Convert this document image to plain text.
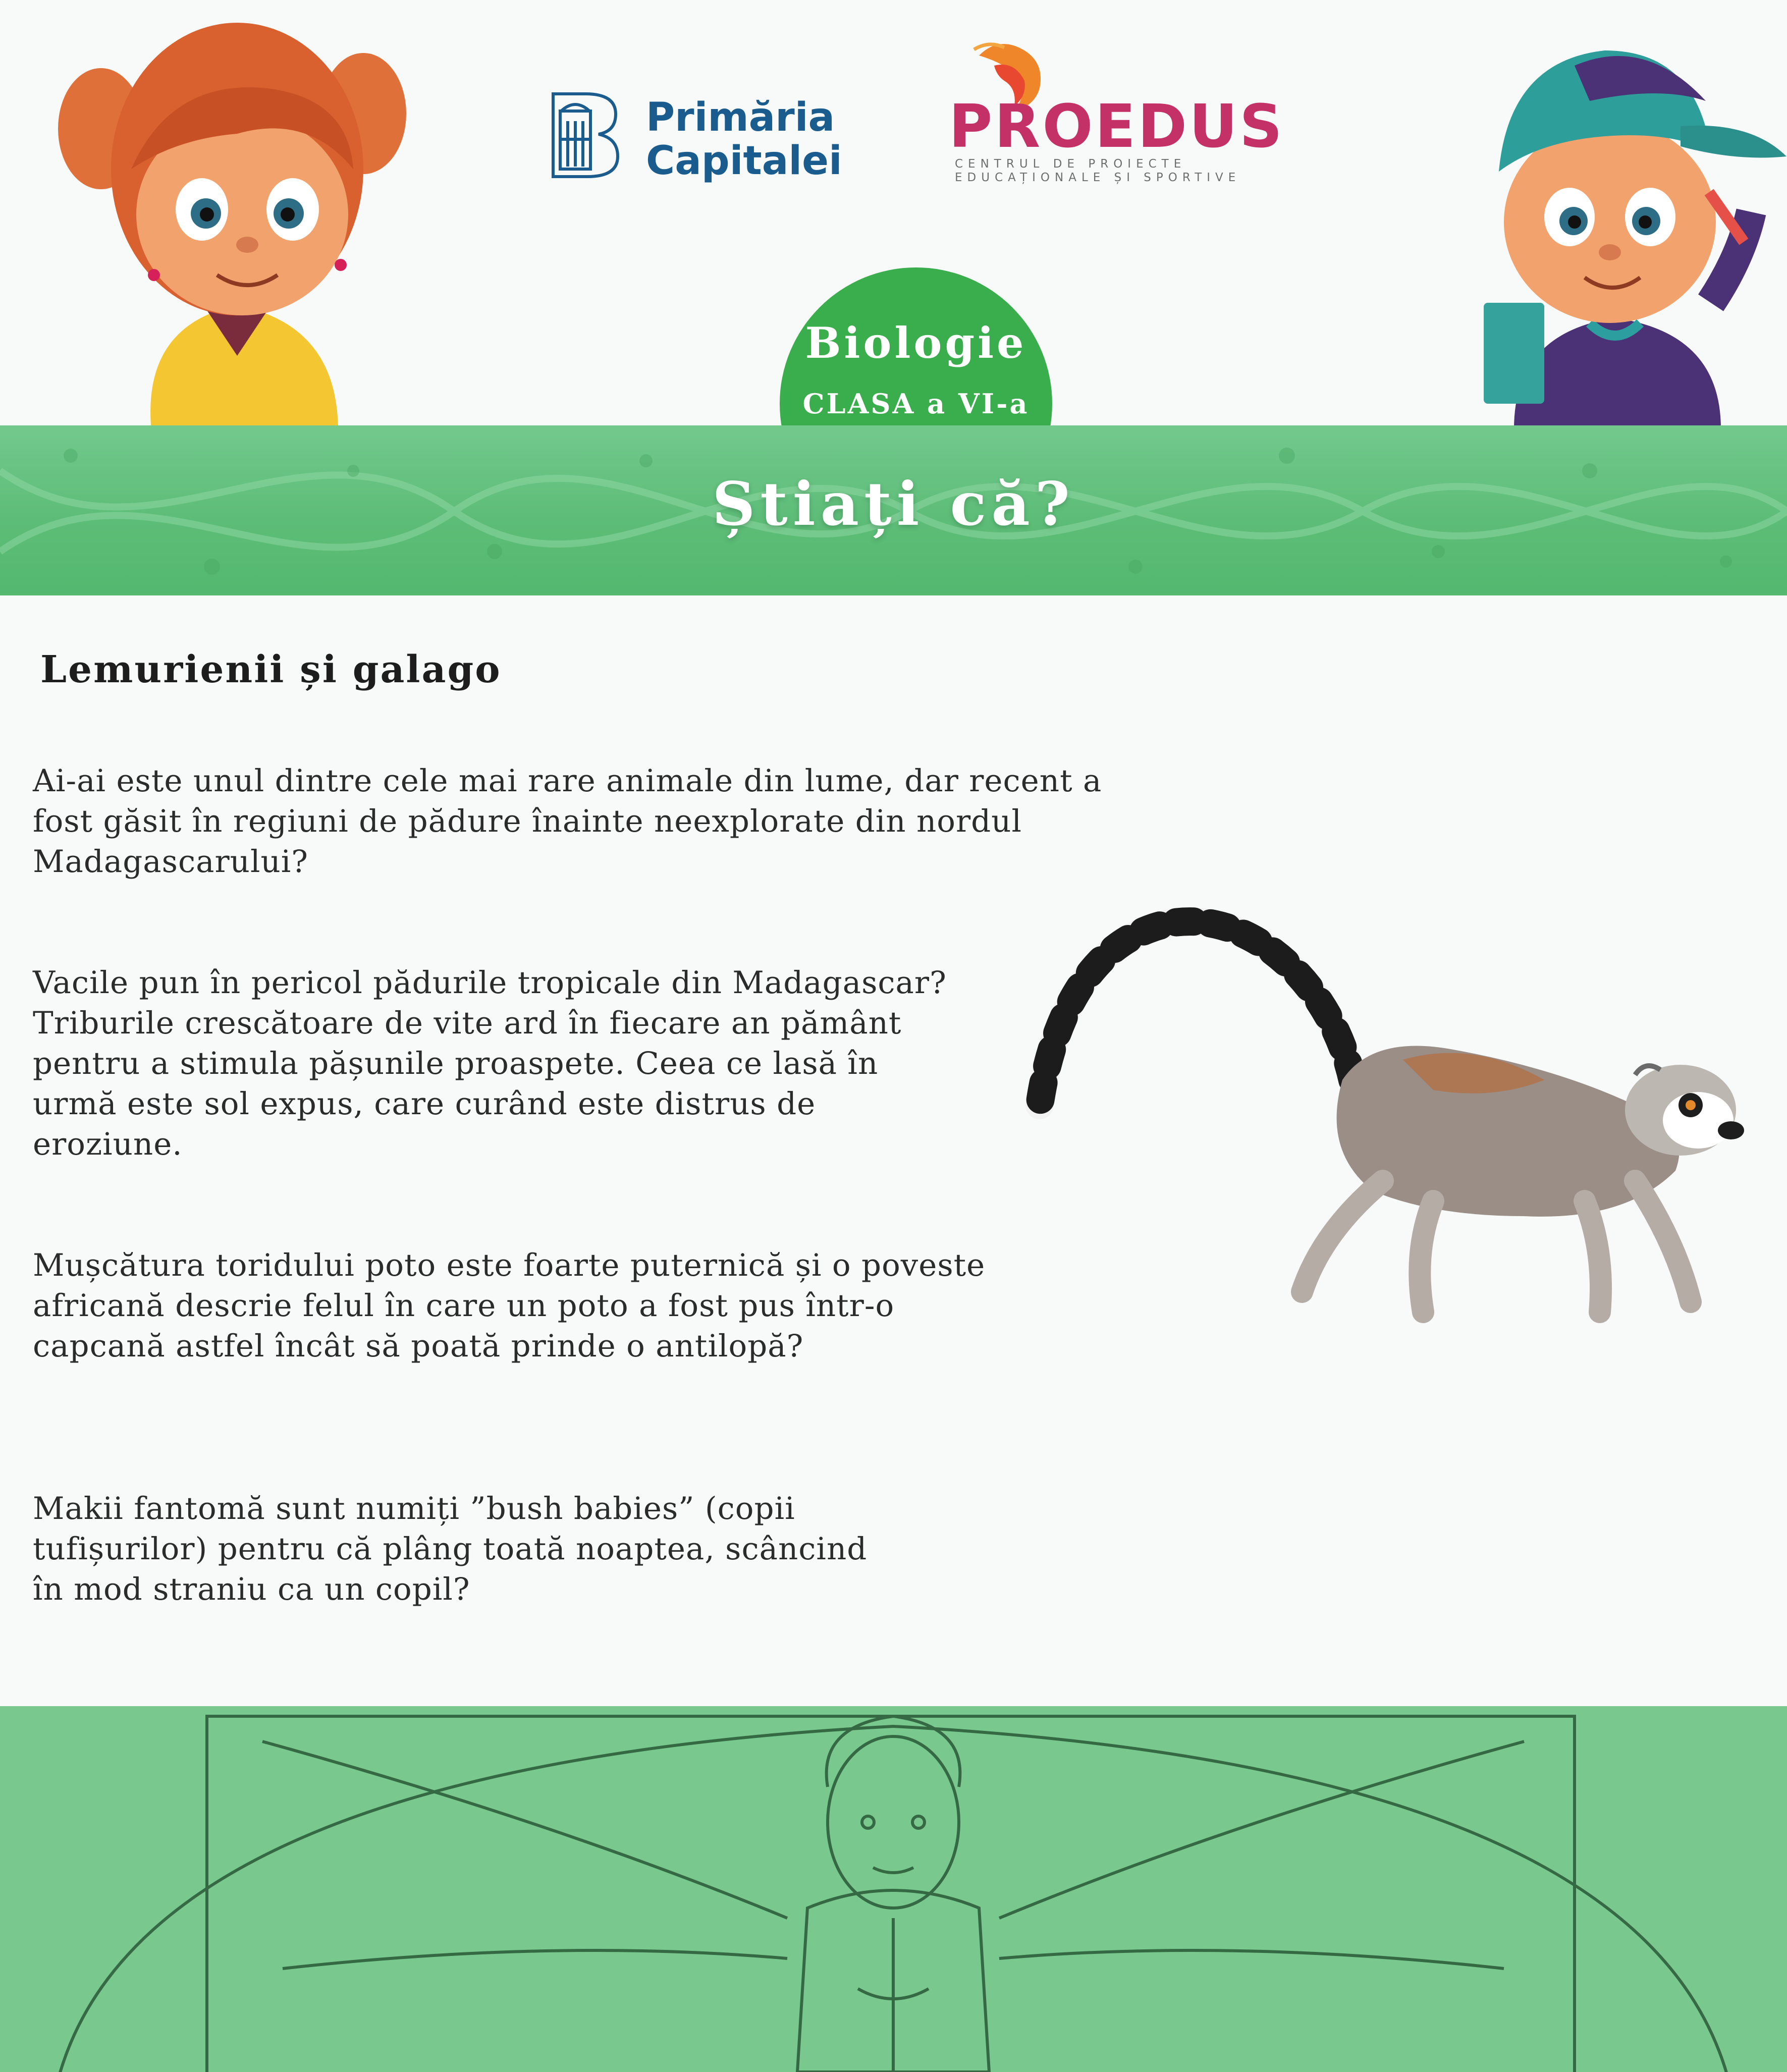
Primăria
Capitalei PROEDUS
CENTRUL DE PROIECTE
EDUCAȚIONALE ȘI SPORTIVE
Biologie
CLASA a VI-a
Știați că?
Lemurienii și galago

Ai-ai este unul dintre cele mai rare animale din lume, dar recent a
fost găsit în regiuni de pădure înainte neexplorate din nordul
Madagascarului?

Vacile pun în pericol pădurile tropicale din Madagascar?
Triburile crescătoare de vite ard în fiecare an pământ
pentru a stimula pășunile proaspete. Ceea ce lasă în
urmă este sol expus, care curând este distrus de
eroziune.

Mușcătura toridului poto este foarte puternică și o poveste
africană descrie felul în care un poto a fost pus într-o
capcană astfel încât să poată prinde o antilopă?

Makii fantomă sunt numiți ”bush babies” (copii
tufișurilor) pentru că plâng toată noaptea, scâncind
în mod straniu ca un copil?
